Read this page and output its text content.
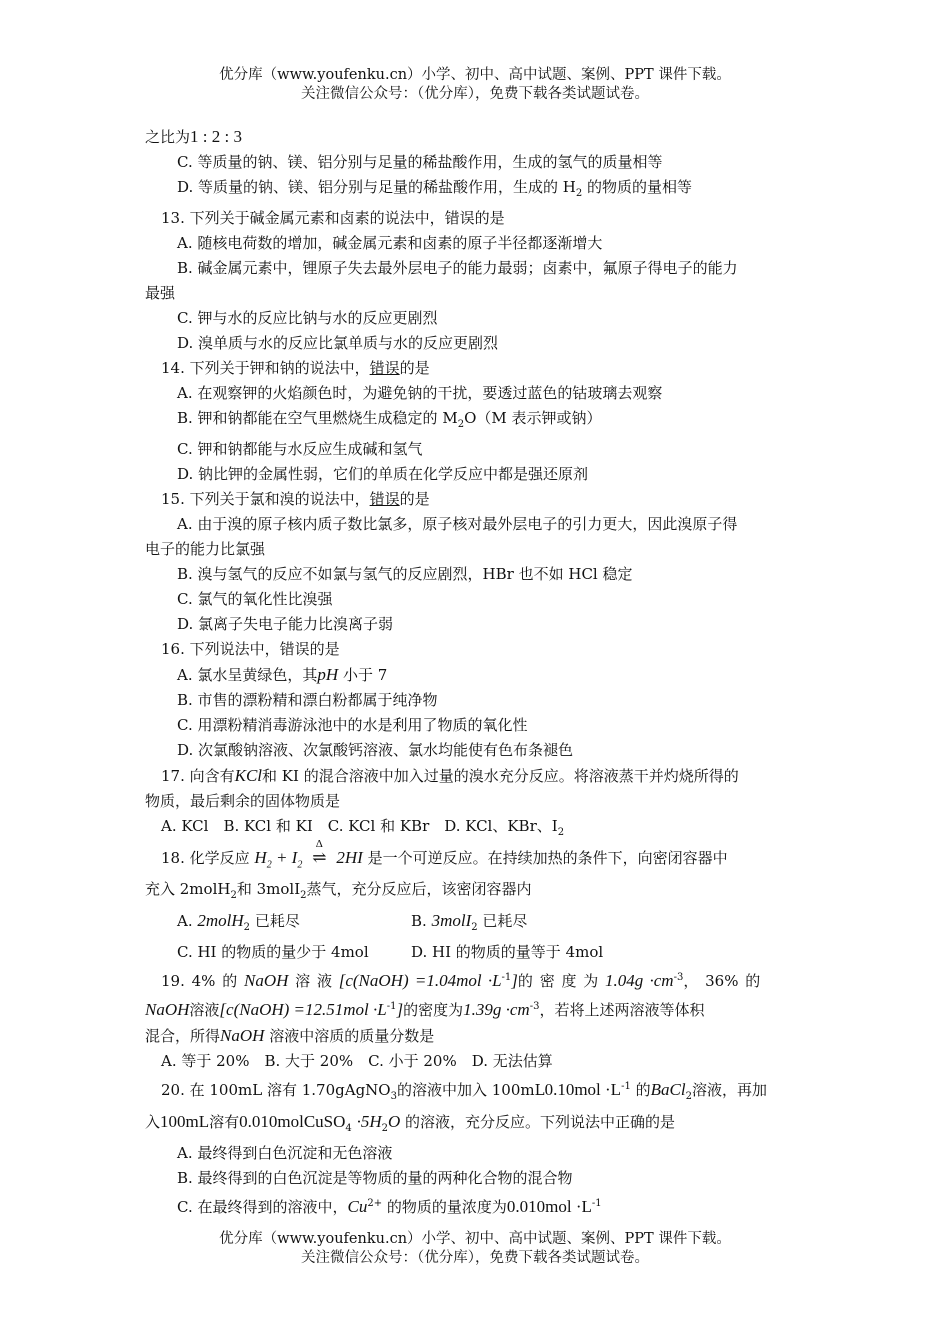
优分库（www.youfenku.cn）小学、初中、高中试题、案例、PPT 课件下载。
关注微信公众号：（优分库），免费下载各类试题试卷。
之比为1 : 2 : 3
C. 等质量的钠、镁、铝分别与足量的稀盐酸作用，生成的氢气的质量相等
D. 等质量的钠、镁、铝分别与足量的稀盐酸作用，生成的 $H_2$ 的物质的量相等
13. 下列关于碱金属元素和卤素的说法中，错误的是
A. 随核电荷数的增加，碱金属元素和卤素的原子半径都逐渐增大
B. 碱金属元素中，锂原子失去最外层电子的能力最弱；卤素中，氟原子得电子的能力
最强
C. 钾与水的反应比钠与水的反应更剧烈
D. 溴单质与水的反应比氯单质与水的反应更剧烈
14. 下列关于钾和钠的说法中，错误的是
A. 在观察钾的火焰颜色时，为避免钠的干扰，要透过蓝色的钴玻璃去观察
B. 钾和钠都能在空气里燃烧生成稳定的 $M_2O(M$ 表示钾或钠）
C. 钾和钠都能与水反应生成碱和氢气
D. 钠比钾的金属性弱，它们的单质在化学反应中都是强还原剂
15. 下列关于氯和溴的说法中，错误的是
A. 由于溴的原子核内质子数比氯多，原子核对最外层电子的引力更大，因此溴原子得
电子的能力比氯强
B. 溴与氢气的反应不如氯与氢气的反应剧烈，HBr 也不如 HCl 稳定
C. 氯气的氧化性比溴强
D. 氯离子失电子能力比溴离子弱
16. 下列说法中，错误的是
A. 氯水呈黄绿色，其pH 小于 7
B. 市售的漂粉精和漂白粉都属于纯净物
C. 用漂粉精消毒游泳池中的水是利用了物质的氧化性
D. 次氯酸钠溶液、次氯酸钙溶液、氯水均能使有色布条褪色
17. 向含有KCl和 KI 的混合溶液中加入过量的溴水充分反应。将溶液蒸干并灼烧所得的
物质，最后剩余的固体物质是
A. KCl　B. KCl 和 KI　C. KCl 和 KBr　D. KCl、KBr、$I_2$
18. 化学反应 $H_2 + I_2$
Δ
⇌ 2HI 是一个可逆反应。在持续加热的条件下，向密闭容器中
充入 2molH$_2$和 3molI$_2$蒸气，充分反应后，该密闭容器内
A. 2molH$_2$ 已耗尽	B. 3molI$_2$ 已耗尽
C. HI 的物质的量少于 4mol	D. HI 的物质的量等于 4mol
19. 4% 的 NaOH 溶 液 [c(NaOH) $=1.04mol \cdot L^{-1}$]的 密 度 为 $1.04g \cdot cm^{-3}$， 36% 的
NaOH溶液[c(NaOH) $=12.51mol \cdot L^{-1}$]的密度为$1.39g \cdot cm^{-3}$，若将上述两溶液等体积
混合，所得NaOH 溶液中溶质的质量分数是
A. 等于 20%　B. 大于 20%　C. 小于 20%　D. 无法估算
20. 在 100mL 溶有 1.70gAgNO$_3$的溶液中加入 $100mL0.10mol \cdot L^{-1}$ 的BaCl$_2$溶液，再加
入100mL溶有0.010molCuSO$_4$ $\cdot 5H_2O$ 的溶液，充分反应。下列说法中正确的是
A. 最终得到白色沉淀和无色溶液
B. 最终得到的白色沉淀是等物质的量的两种化合物的混合物
C. 在最终得到的溶液中，$Cu^{2+}$ 的物质的量浓度为$0.010mol \cdot L^{-1}$
优分库（www.youfenku.cn）小学、初中、高中试题、案例、PPT 课件下载。
关注微信公众号：（优分库），免费下载各类试题试卷。
